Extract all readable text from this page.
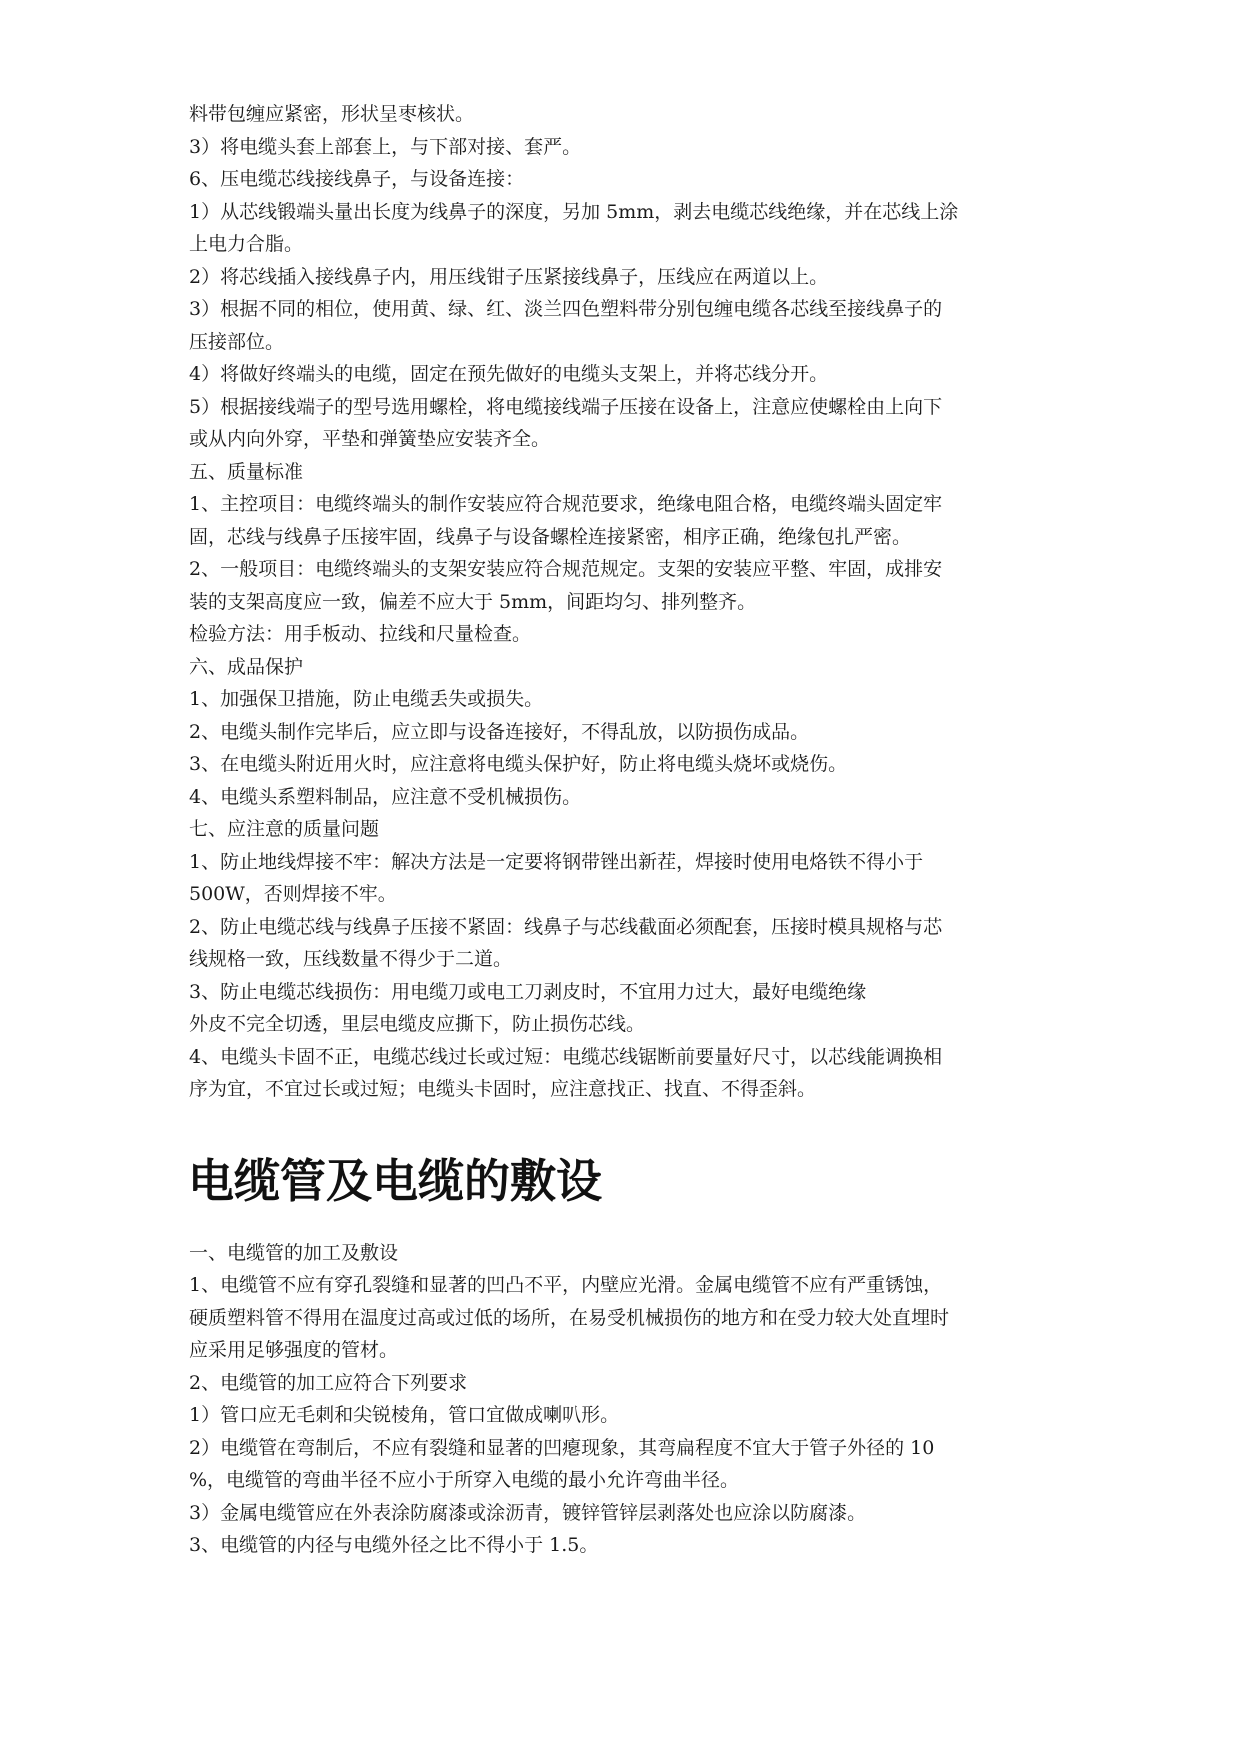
料带包缠应紧密，形状呈枣核状。

3）将电缆头套上部套上，与下部对接、套严。

6、压电缆芯线接线鼻子，与设备连接：

1）从芯线锻端头量出长度为线鼻子的深度，另加 5mm，剥去电缆芯线绝缘，并在芯线上涂

上电力合脂。

2）将芯线插入接线鼻子内，用压线钳子压紧接线鼻子，压线应在两道以上。

3）根据不同的相位，使用黄、绿、红、淡兰四色塑料带分别包缠电缆各芯线至接线鼻子的

压接部位。

4）将做好终端头的电缆，固定在预先做好的电缆头支架上，并将芯线分开。

5）根据接线端子的型号选用螺栓，将电缆接线端子压接在设备上，注意应使螺栓由上向下

或从内向外穿，平垫和弹簧垫应安装齐全。

五、质量标准

1、主控项目：电缆终端头的制作安装应符合规范要求，绝缘电阻合格，电缆终端头固定牢

固，芯线与线鼻子压接牢固，线鼻子与设备螺栓连接紧密，相序正确，绝缘包扎严密。

2、一般项目：电缆终端头的支架安装应符合规范规定。支架的安装应平整、牢固，成排安

装的支架高度应一致，偏差不应大于 5mm，间距均匀、排列整齐。

检验方法：用手板动、拉线和尺量检查。

六、成品保护

1、加强保卫措施，防止电缆丢失或损失。

2、电缆头制作完毕后，应立即与设备连接好，不得乱放，以防损伤成品。

3、在电缆头附近用火时，应注意将电缆头保护好，防止将电缆头烧坏或烧伤。

4、电缆头系塑料制品，应注意不受机械损伤。

七、应注意的质量问题

1、防止地线焊接不牢：解决方法是一定要将钢带锉出新茬，焊接时使用电烙铁不得小于

500W，否则焊接不牢。

2、防止电缆芯线与线鼻子压接不紧固：线鼻子与芯线截面必须配套，压接时模具规格与芯

线规格一致，压线数量不得少于二道。

3、防止电缆芯线损伤：用电缆刀或电工刀剥皮时，不宜用力过大，最好电缆绝缘

外皮不完全切透，里层电缆皮应撕下，防止损伤芯线。

4、电缆头卡固不正，电缆芯线过长或过短：电缆芯线锯断前要量好尺寸，以芯线能调换相

序为宜，不宜过长或过短；电缆头卡固时，应注意找正、找直、不得歪斜。

电缆管及电缆的敷设

一、电缆管的加工及敷设

1、电缆管不应有穿孔裂缝和显著的凹凸不平，内壁应光滑。金属电缆管不应有严重锈蚀，

硬质塑料管不得用在温度过高或过低的场所，在易受机械损伤的地方和在受力较大处直埋时

应采用足够强度的管材。

2、电缆管的加工应符合下列要求

1）管口应无毛刺和尖锐棱角，管口宜做成喇叭形。

2）电缆管在弯制后，不应有裂缝和显著的凹瘪现象，其弯扁程度不宜大于管子外径的 10

%，电缆管的弯曲半径不应小于所穿入电缆的最小允许弯曲半径。

3）金属电缆管应在外表涂防腐漆或涂沥青，镀锌管锌层剥落处也应涂以防腐漆。

3、电缆管的内径与电缆外径之比不得小于 1.5。
